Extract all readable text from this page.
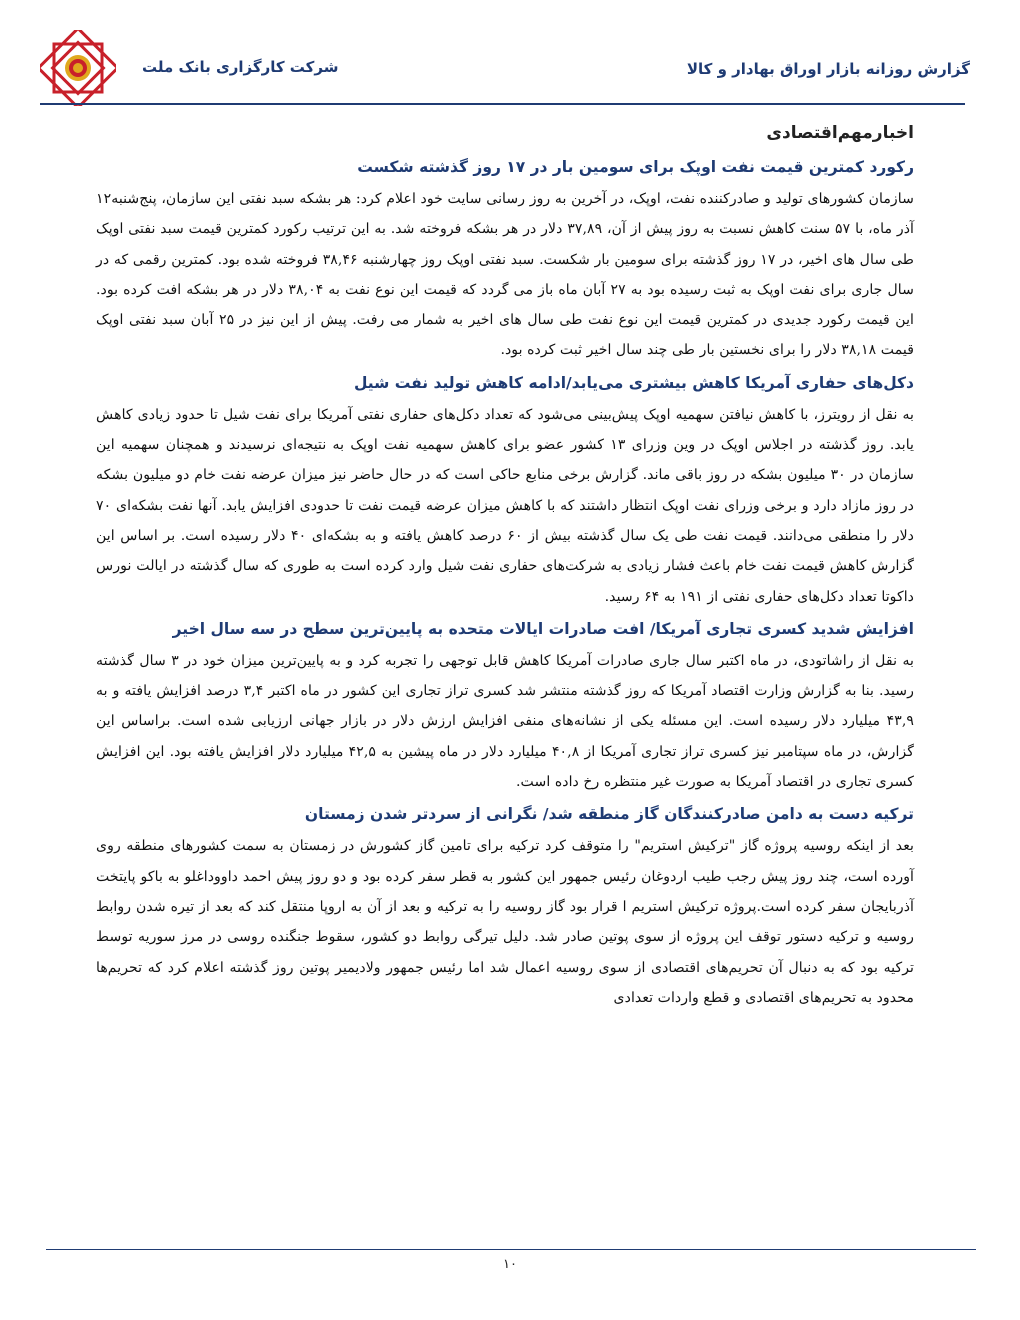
شرکت کارگزاری بانک ملت	گزارش روزانه بازار اوراق بهادار و کالا
اخبارمهم‌اقتصادی
رکورد کمترین قیمت نفت اوپک برای سومین بار در ۱۷ روز گذشته شکست

سازمان کشورهای تولید و صادرکننده نفت، اوپک، در آخرین به روز رسانی سایت خود اعلام کرد: هر بشکه سبد نفتی این سازمان، پنج‌شنبه۱۲ آذر ماه، با ۵۷ سنت کاهش نسبت به روز پیش از آن، ۳۷,۸۹ دلار در هر بشکه فروخته شد. به این ترتیب رکورد کمترین قیمت سبد نفتی اوپک طی سال های اخیر، در ۱۷ روز گذشته برای سومین بار شکست. سبد نفتی اوپک روز چهارشنبه ۳۸,۴۶ فروخته شده بود. کمترین رقمی که در سال جاری برای نفت اوپک به ثبت رسیده بود به ۲۷ آبان ماه باز می گردد که قیمت این نوع نفت به ۳۸,۰۴ دلار در هر بشکه افت کرده بود. این قیمت رکورد جدیدی در کمترین قیمت این نوع نفت طی سال های اخیر به شمار می رفت. پیش از این نیز در ۲۵ آبان سبد نفتی اوپک قیمت ۳۸,۱۸ دلار را برای نخستین بار طی چند سال اخیر ثبت کرده بود.

دکل‌های حفاری آمریکا کاهش بیشتری می‌یابد/ادامه کاهش تولید نفت شیل

به نقل از رویترز، با کاهش نیافتن سهمیه اوپک پیش‌بینی می‌شود که تعداد دکل‌های حفاری نفتی آمریکا برای نفت شیل تا حدود زیادی کاهش یابد. روز گذشته در اجلاس اوپک در وین وزرای ۱۳ کشور عضو برای کاهش سهمیه نفت اوپک به نتیجه‌ای نرسیدند و همچنان سهمیه این سازمان در ۳۰ میلیون بشکه در روز باقی ماند. گزارش برخی منابع حاکی است که در حال حاضر نیز میزان عرضه نفت خام دو میلیون بشکه در روز مازاد دارد و برخی وزرای نفت اوپک انتظار داشتند که با کاهش میزان عرضه قیمت نفت تا حدودی افزایش یابد. آنها نفت بشکه‌ای ۷۰ دلار را منطقی می‌دانند. قیمت نفت طی یک سال گذشته بیش از ۶۰ درصد کاهش یافته و به بشکه‌ای ۴۰ دلار رسیده است. بر اساس این گزارش کاهش قیمت نفت خام باعث فشار زیادی به شرکت‌های حفاری نفت شیل وارد کرده است به طوری که سال گذشته در ایالت نورس داکوتا تعداد دکل‌های حفاری نفتی از ۱۹۱ به ۶۴ رسید.

افزایش شدید کسری تجاری آمریکا/ افت صادرات ایالات متحده به پایین‌ترین سطح در سه سال اخیر

به نقل از راشاتودی، در ماه اکتبر سال جاری صادرات آمریکا کاهش قابل توجهی را تجربه کرد و به پایین‌ترین میزان خود در ۳ سال گذشته رسید. بنا به گزارش وزارت اقتصاد آمریکا که روز گذشته منتشر شد کسری تراز تجاری این کشور در ماه اکتبر ۳,۴ درصد افزایش یافته و به ۴۳,۹ میلیارد دلار رسیده است. این مسئله یکی از نشانه‌های منفی افزایش ارزش دلار در بازار جهانی ارزیابی شده است. براساس این گزارش، در ماه سپتامبر نیز کسری تراز تجاری آمریکا از ۴۰,۸ میلیارد دلار در ماه پیشین به ۴۲,۵ میلیارد دلار افزایش یافته بود. این افزایش کسری تجاری در اقتصاد آمریکا به صورت غیر منتظره رخ داده است.

ترکیه دست به دامن صادرکنندگان گاز منطقه شد/ نگرانی از سردتر شدن زمستان

بعد از اینکه روسیه پروژه گاز "ترکیش استریم" را متوقف کرد ترکیه برای تامین گاز کشورش در زمستان به سمت کشورهای منطقه روی آورده است، چند روز پیش رجب طیب اردوغان رئیس جمهور این کشور به قطر سفر کرده بود و دو روز پیش احمد داووداغلو به باکو پایتخت آذربایجان سفر کرده است.پروژه ترکیش استریم ا قرار بود گاز روسیه را به ترکیه و بعد از آن به اروپا منتقل کند که بعد از تیره شدن روابط روسیه و ترکیه دستور توقف این پروژه از سوی پوتین صادر شد. دلیل تیرگی روابط دو کشور، سقوط جنگنده روسی در مرز سوریه توسط ترکیه بود که به دنبال آن تحریم‌های اقتصادی از سوی روسیه اعمال شد اما رئیس جمهور ولادیمیر پوتین روز گذشته اعلام کرد که تحریم‌ها محدود به تحریم‌های اقتصادی و قطع واردات تعدادی

۱۰
